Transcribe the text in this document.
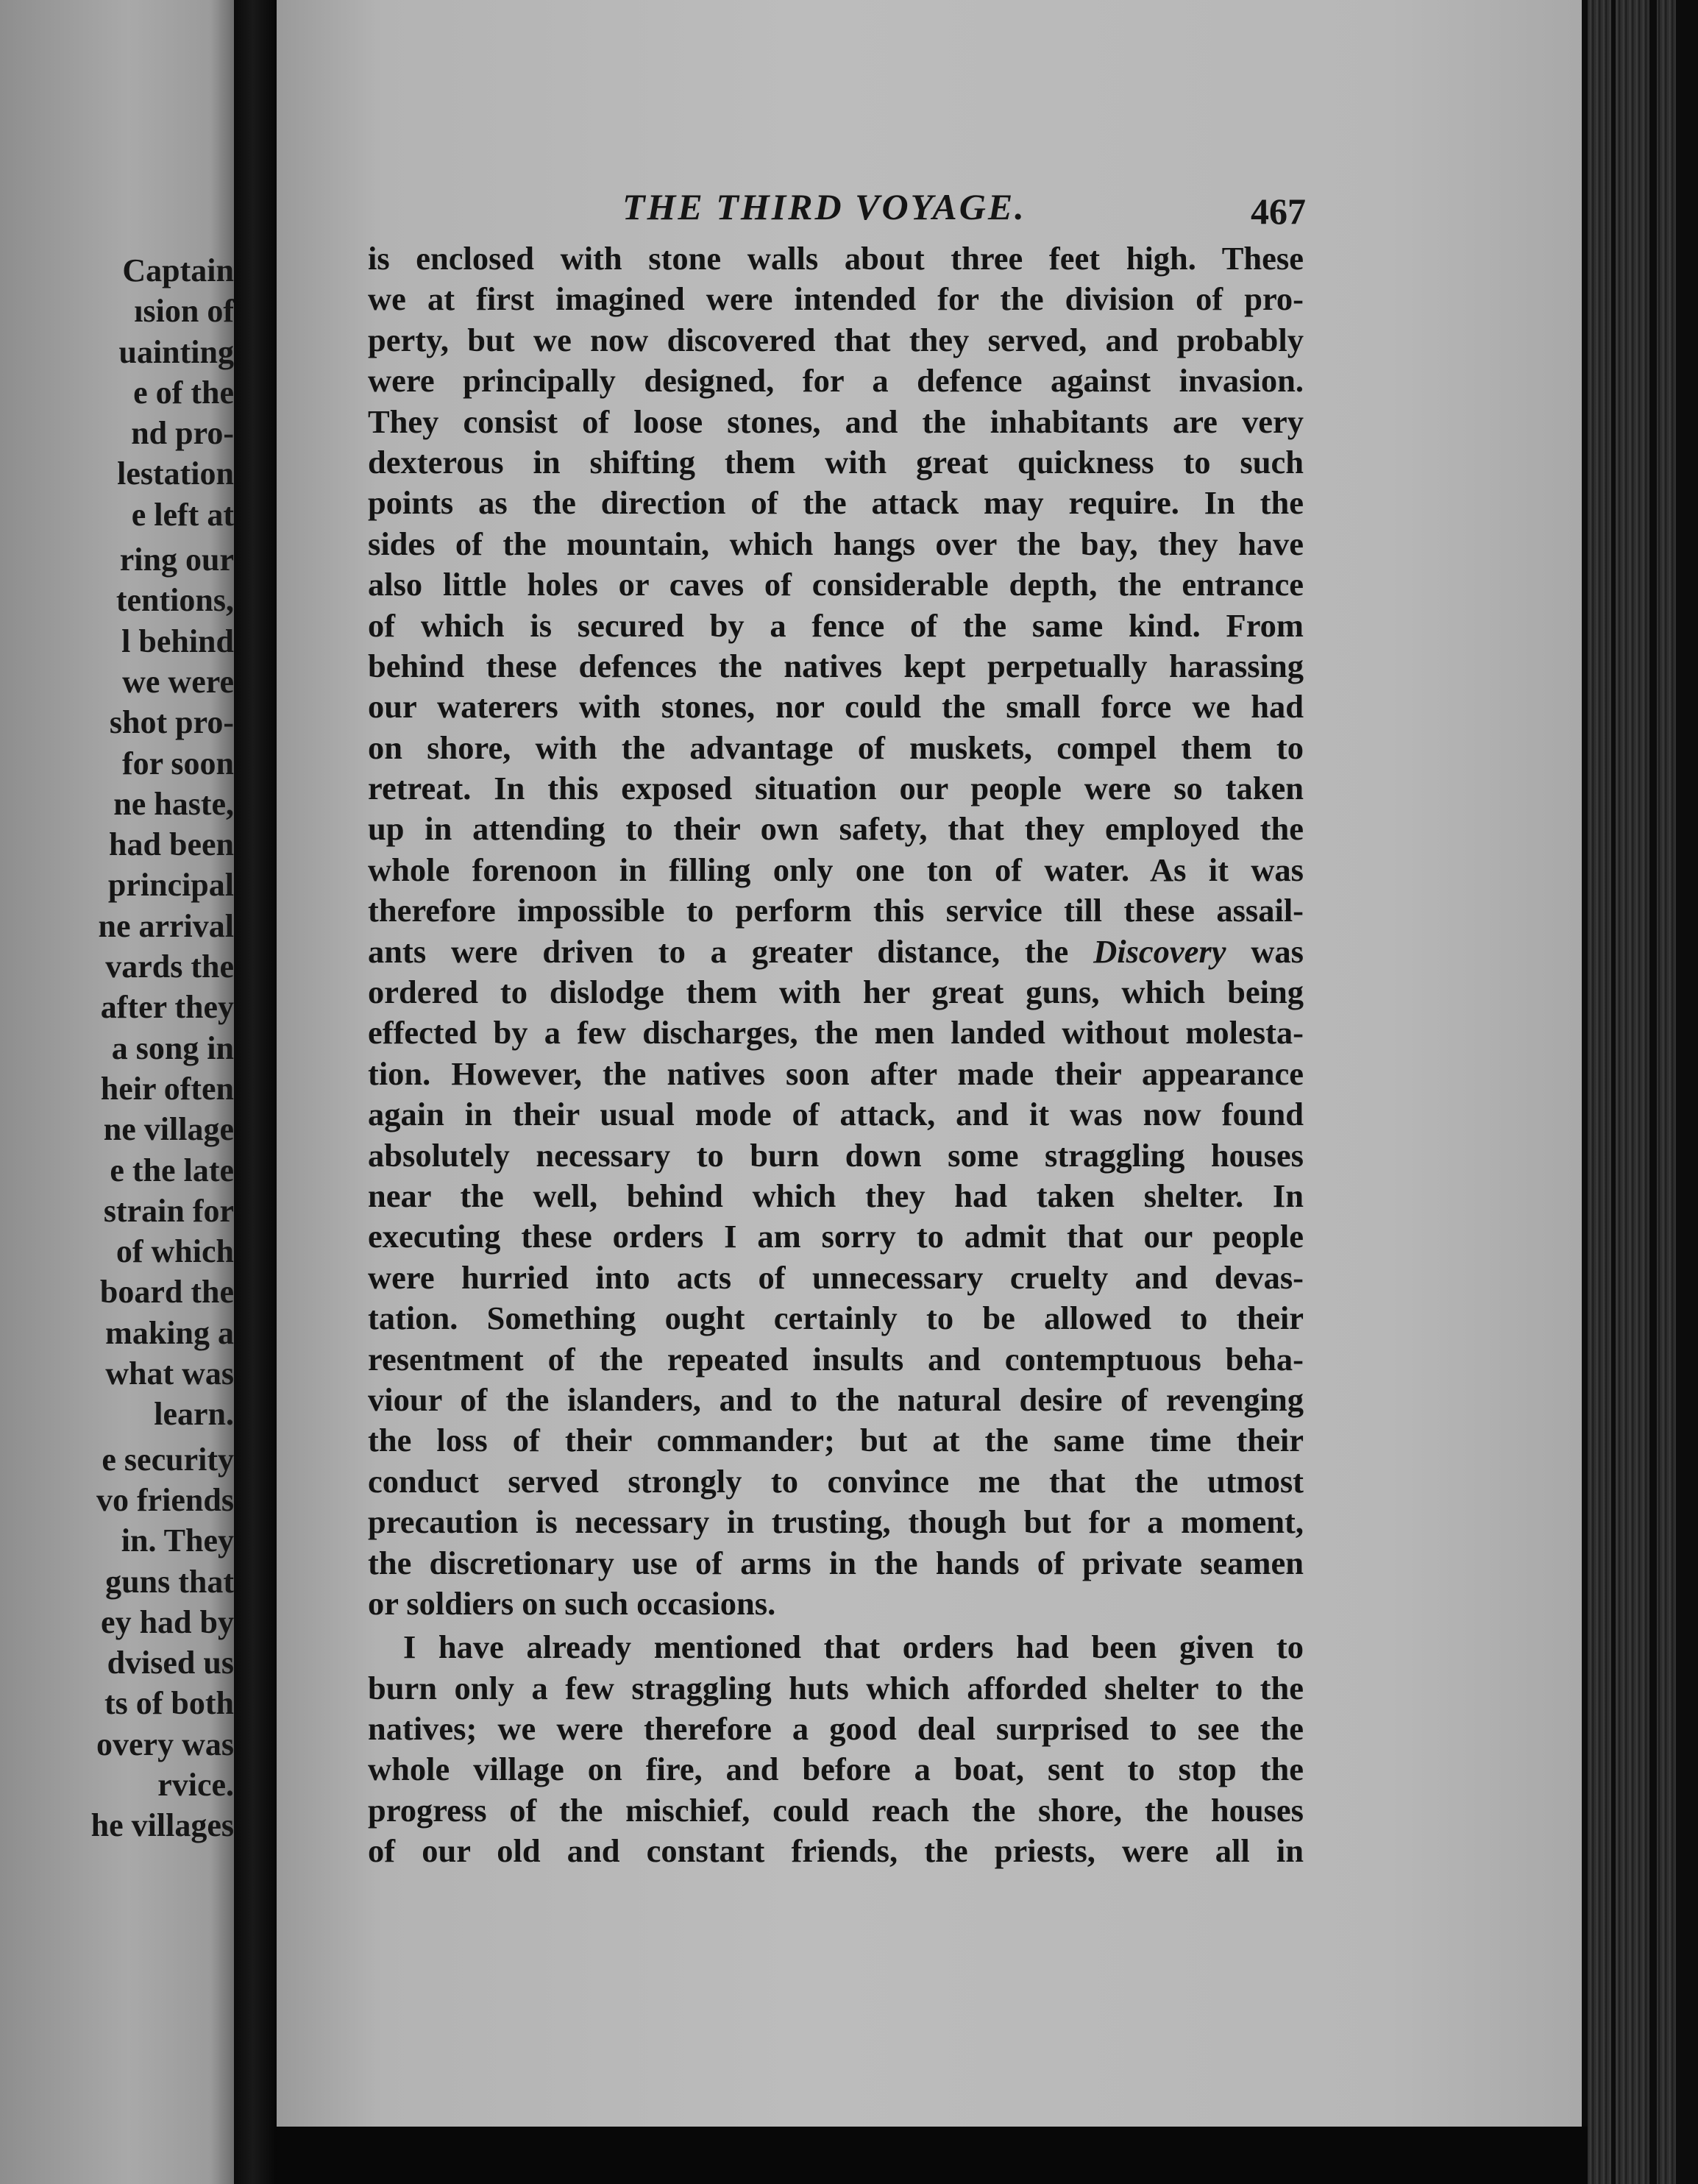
Captain
ısion of
uainting
e of the
nd pro-
lestation
e left at
ring our
tentions,
l behind
we were
shot pro-
for soon
ne haste,
had been
principal
ne arrival
vards the
after they
a song in
heir often
ne village
e the late
strain for
of which
board the
making a
what was
learn.
e security
vo friends
in. They
guns that
ey had by
dvised us
ts of both
overy was
rvice.
he villages
THE THIRD VOYAGE.	467
is enclosed with stone walls about three feet high. These
we at first imagined were intended for the division of pro-
perty, but we now discovered that they served, and probably
were principally designed, for a defence against invasion.
They consist of loose stones, and the inhabitants are very
dexterous in shifting them with great quickness to such
points as the direction of the attack may require. In the
sides of the mountain, which hangs over the bay, they have
also little holes or caves of considerable depth, the entrance
of which is secured by a fence of the same kind. From
behind these defences the natives kept perpetually harassing
our waterers with stones, nor could the small force we had
on shore, with the advantage of muskets, compel them to
retreat. In this exposed situation our people were so taken
up in attending to their own safety, that they employed the
whole forenoon in filling only one ton of water. As it was
therefore impossible to perform this service till these assail-
ants were driven to a greater distance, the Discovery was
ordered to dislodge them with her great guns, which being
effected by a few discharges, the men landed without molesta-
tion. However, the natives soon after made their appearance
again in their usual mode of attack, and it was now found
absolutely necessary to burn down some straggling houses
near the well, behind which they had taken shelter. In
executing these orders I am sorry to admit that our people
were hurried into acts of unnecessary cruelty and devas-
tation. Something ought certainly to be allowed to their
resentment of the repeated insults and contemptuous beha-
viour of the islanders, and to the natural desire of revenging
the loss of their commander; but at the same time their
conduct served strongly to convince me that the utmost
precaution is necessary in trusting, though but for a moment,
the discretionary use of arms in the hands of private seamen
or soldiers on such occasions.
I have already mentioned that orders had been given to
burn only a few straggling huts which afforded shelter to the
natives; we were therefore a good deal surprised to see the
whole village on fire, and before a boat, sent to stop the
progress of the mischief, could reach the shore, the houses
of our old and constant friends, the priests, were all in
